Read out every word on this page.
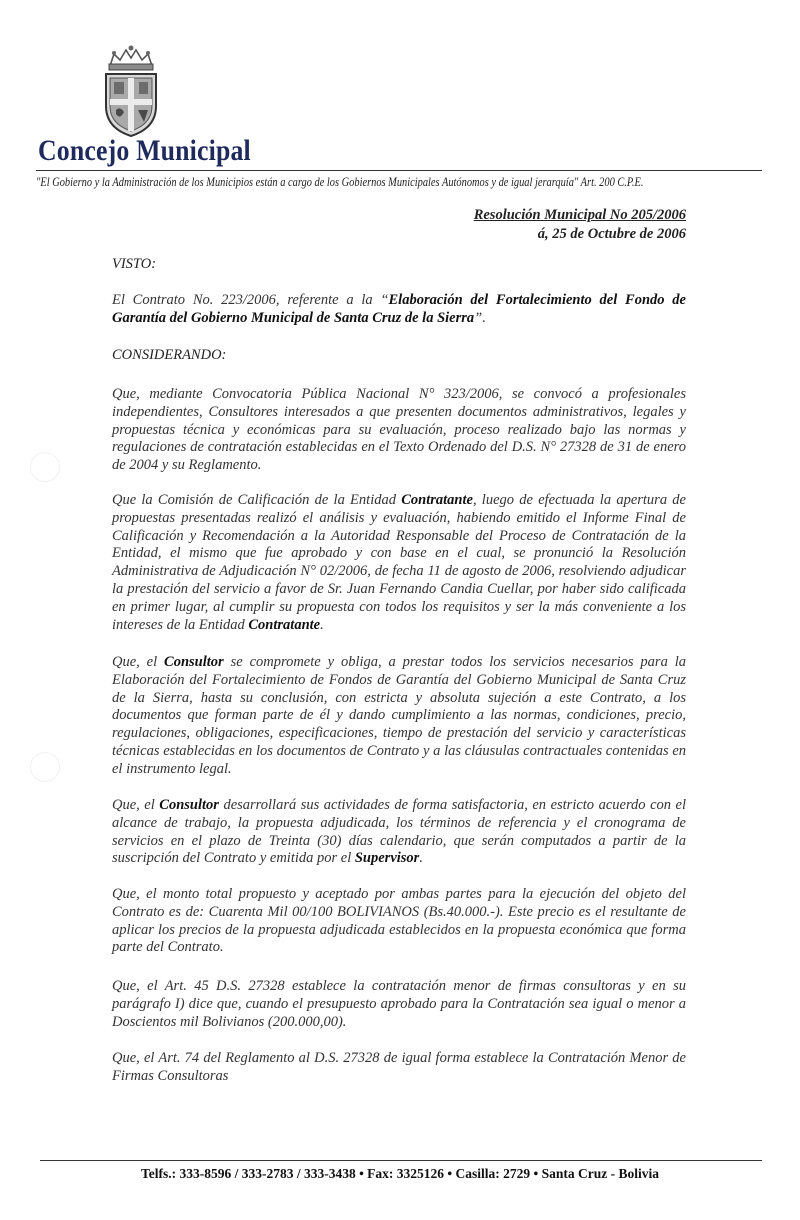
Concejo Municipal
"El Gobierno y la Administración de los Municipios están a cargo de los Gobiernos Municipales Autónomos y de igual jerarquía" Art. 200 C.P.E.
Resolución Municipal No 205/2006
á, 25 de Octubre de 2006
VISTO:
El Contrato No. 223/2006, referente a la “Elaboración del Fortalecimiento del Fondo de Garantía del Gobierno Municipal de Santa Cruz de la Sierra”.
CONSIDERANDO:
Que, mediante Convocatoria Pública Nacional N° 323/2006, se convocó a profesionales independientes, Consultores interesados a que presenten documentos administrativos, legales y propuestas técnica y económicas para su evaluación, proceso realizado bajo las normas y regulaciones de contratación establecidas en el Texto Ordenado del D.S. N° 27328 de 31 de enero de 2004 y su Reglamento.
Que la Comisión de Calificación de la Entidad Contratante, luego de efectuada la apertura de propuestas presentadas realizó el análisis y evaluación, habiendo emitido el Informe Final de Calificación y Recomendación a la Autoridad Responsable del Proceso de Contratación de la Entidad, el mismo que fue aprobado y con base en el cual, se pronunció la Resolución Administrativa de Adjudicación N° 02/2006, de fecha 11 de agosto de 2006, resolviendo adjudicar la prestación del servicio a favor de Sr. Juan Fernando Candia Cuellar, por haber sido calificada en primer lugar, al cumplir su propuesta con todos los requisitos y ser la más conveniente a los intereses de la Entidad Contratante.
Que, el Consultor se compromete y obliga, a prestar todos los servicios necesarios para la Elaboración del Fortalecimiento de Fondos de Garantía del Gobierno Municipal de Santa Cruz de la Sierra, hasta su conclusión, con estricta y absoluta sujeción a este Contrato, a los documentos que forman parte de él y dando cumplimiento a las normas, condiciones, precio, regulaciones, obligaciones, especificaciones, tiempo de prestación del servicio y características técnicas establecidas en los documentos de Contrato y a las cláusulas contractuales contenidas en el instrumento legal.
Que, el Consultor desarrollará sus actividades de forma satisfactoria, en estricto acuerdo con el alcance de trabajo, la propuesta adjudicada, los términos de referencia y el cronograma de servicios en el plazo de Treinta (30) días calendario, que serán computados a partir de la suscripción del Contrato y emitida por el Supervisor.
Que, el monto total propuesto y aceptado por ambas partes para la ejecución del objeto del Contrato es de: Cuarenta Mil 00/100 BOLIVIANOS (Bs.40.000.-). Este precio es el resultante de aplicar los precios de la propuesta adjudicada establecidos en la propuesta económica que forma parte del Contrato.
Que, el Art. 45 D.S. 27328 establece la contratación menor de firmas consultoras y en su parágrafo I) dice que, cuando el presupuesto aprobado para la Contratación sea igual o menor a Doscientos mil Bolivianos (200.000,00).
Que, el Art. 74 del Reglamento al D.S. 27328 de igual forma establece la Contratación Menor de Firmas Consultoras
Telfs.: 333-8596 / 333-2783 / 333-3438 • Fax: 3325126 • Casilla: 2729 • Santa Cruz - Bolivia
